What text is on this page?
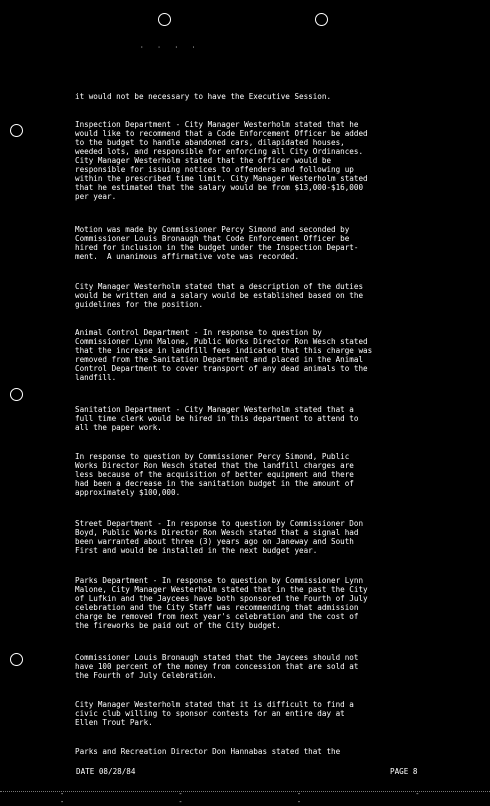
· · · ·
it would not be necessary to have the Executive Session.
Inspection Department - City Manager Westerholm stated that he
would like to recommend that a Code Enforcement Officer be added
to the budget to handle abandoned cars, dilapidated houses,
weeded lots, and responsible for enforcing all City Ordinances.
City Manager Westerholm stated that the officer would be
responsible for issuing notices to offenders and following up
within the prescribed time limit. City Manager Westerholm stated
that he estimated that the salary would be from $13,000-$16,000
per year.
Motion was made by Commissioner Percy Simond and seconded by
Commissioner Louis Bronaugh that Code Enforcement Officer be
hired for inclusion in the budget under the Inspection Depart-
ment.  A unanimous affirmative vote was recorded.
City Manager Westerholm stated that a description of the duties
would be written and a salary would be established based on the
guidelines for the position.
Animal Control Department - In response to question by
Commissioner Lynn Malone, Public Works Director Ron Wesch stated
that the increase in landfill fees indicated that this charge was
removed from the Sanitation Department and placed in the Animal
Control Department to cover transport of any dead animals to the
landfill.
Sanitation Department - City Manager Westerholm stated that a
full time clerk would be hired in this department to attend to
all the paper work.
In response to question by Commissioner Percy Simond, Public
Works Director Ron Wesch stated that the landfill charges are
less because of the acquisition of better equipment and there
had been a decrease in the sanitation budget in the amount of
approximately $100,000.
Street Department - In response to question by Commissioner Don
Boyd, Public Works Director Ron Wesch stated that a signal had
been warranted about three (3) years ago on Janeway and South
First and would be installed in the next budget year.
Parks Department - In response to question by Commissioner Lynn
Malone, City Manager Westerholm stated that in the past the City
of Lufkin and the Jaycees have both sponsored the Fourth of July
celebration and the City Staff was recommending that admission
charge be removed from next year's celebration and the cost of
the fireworks be paid out of the City budget.
Commissioner Louis Bronaugh stated that the Jaycees should not
have 100 percent of the money from concession that are sold at
the Fourth of July Celebration.
City Manager Westerholm stated that it is difficult to find a
civic club willing to sponsor contests for an entire day at
Ellen Trout Park.
Parks and Recreation Director Don Hannabas stated that the
DATE 08/28/84	PAGE 8
- - - - - - -
